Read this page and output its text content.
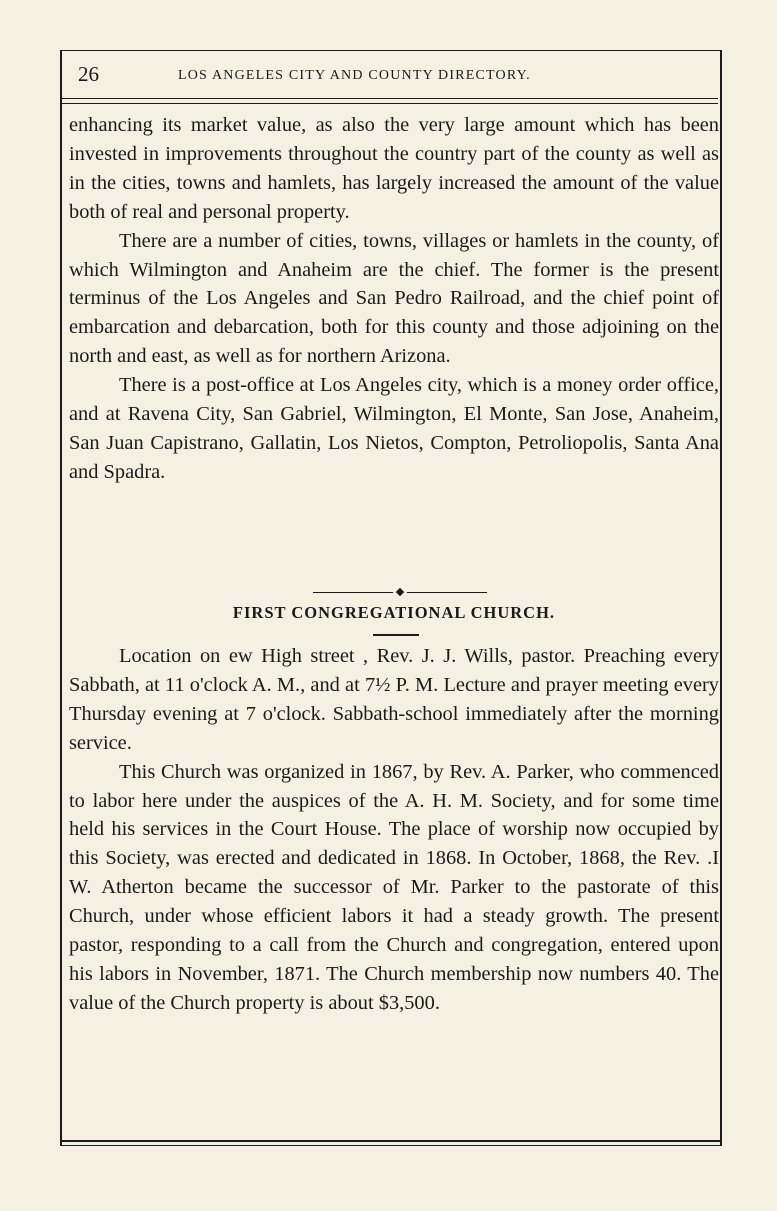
26	LOS ANGELES CITY AND COUNTY DIRECTORY.

enhancing its market value, as also the very large amount which has been invested in improvements throughout the country part of the county as well as in the cities, towns and hamlets, has largely increased the amount of the value both of real and personal property.

There are a number of cities, towns, villages or hamlets in the county, of which Wilmington and Anaheim are the chief. The former is the present terminus of the Los Angeles and San Pedro Railroad, and the chief point of embarcation and debarcation, both for this county and those adjoining on the north and east, as well as for northern Arizona.

There is a post-office at Los Angeles city, which is a money order office, and at Ravena City, San Gabriel, Wilmington, El Monte, San Jose, Anaheim, San Juan Capistrano, Gallatin, Los Nietos, Compton, Petroliopolis, Santa Ana and Spadra.

FIRST CONGREGATIONAL CHURCH.

Location on ew High street , Rev. J. J. Wills, pastor. Preaching every Sabbath, at 11 o'clock A. M., and at 7½ P. M. Lecture and prayer meeting every Thursday evening at 7 o'clock. Sabbath-school immediately after the morning service.

This Church was organized in 1867, by Rev. A. Parker, who commenced to labor here under the auspices of the A. H. M. Society, and for some time held his services in the Court House. The place of worship now occupied by this Society, was erected and dedicated in 1868. In October, 1868, the Rev. .I W. Atherton became the successor of Mr. Parker to the pastorate of this Church, under whose efficient labors it had a steady growth. The present pastor, responding to a call from the Church and congregation, entered upon his labors in November, 1871. The Church membership now numbers 40. The value of the Church property is about $3,500.
